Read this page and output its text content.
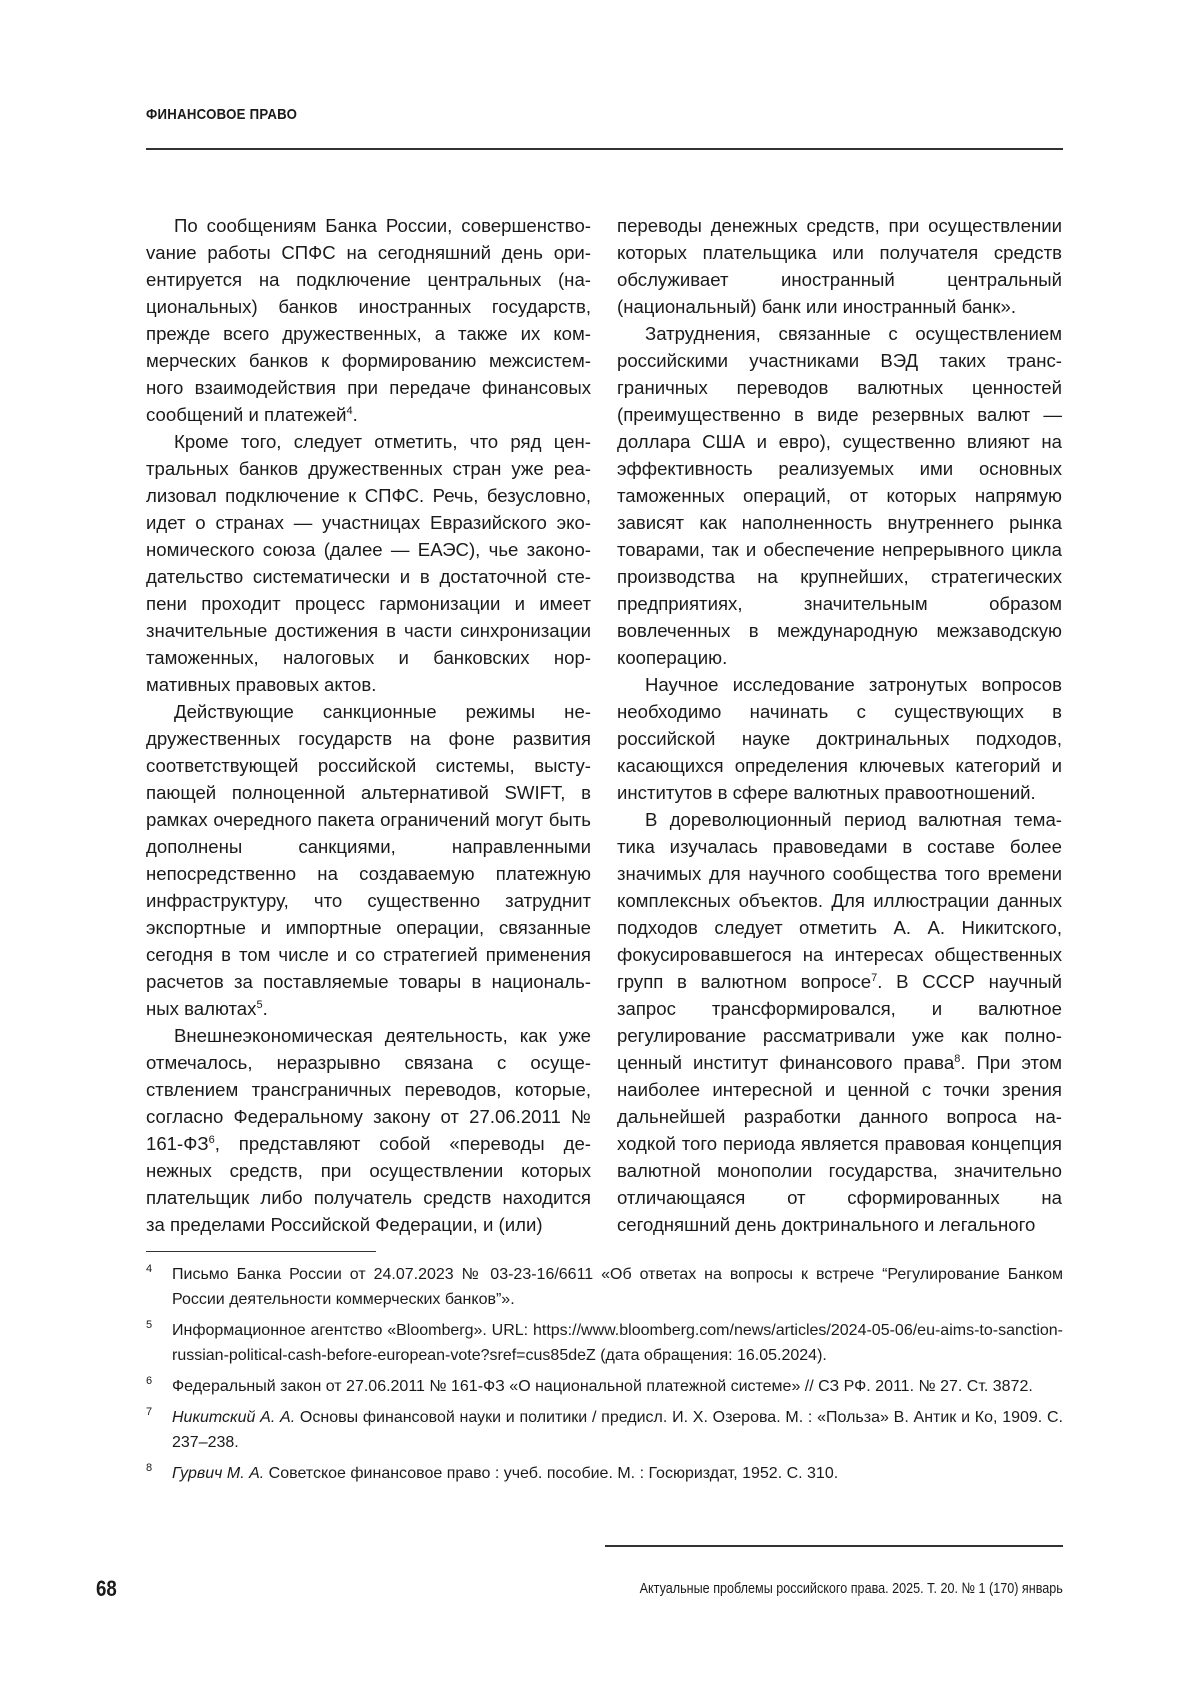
ФИНАНСОВОЕ ПРАВО

По сообщениям Банка России, совершенствоvание работы СПФС на сегодняшний день ориентируется на подключение центральных (национальных) банков иностранных государств, прежде всего дружественных, а также их коммерческих банков к формированию межсистемного взаимодействия при передаче финансовых сообщений и платежей$^4$.

Кроме того, следует отметить, что ряд центральных банков дружественных стран уже реализовал подключение к СПФС. Речь, безусловно, идет о странах — участницах Евразийского экономического союза (далее — ЕАЭС), чье законодательство систематически и в достаточной степени проходит процесс гармонизации и имеет значительные достижения в части синхронизации таможенных, налоговых и банковских нормативных правовых актов.

Действующие санкционные режимы недружественных государств на фоне развития соответствующей российской системы, выступающей полноценной альтернативой SWIFT, в рамках очередного пакета ограничений могут быть дополнены санкциями, направленными непосредственно на создаваемую платежную инфраструктуру, что существенно затруднит экспортные и импортные операции, связанные сегодня в том числе и со стратегией применения расчетов за поставляемые товары в национальных валютах$^5$.

Внешнеэкономическая деятельность, как уже отмечалось, неразрывно связана с осуществлением трансграничных переводов, которые, согласно Федеральному закону от 27.06.2011 № $161-ФЗ^6$, представляют собой «переводы денежных средств, при осуществлении которых плательщик либо получатель средств находится за пределами Российской Федерации, и (или)

переводы денежных средств, при осуществлении которых плательщика или получателя средств обслуживает иностранный центральный (национальный) банк или иностранный банк».

Затруднения, связанные с осуществлением российскими участниками ВЭД таких трансграничных переводов валютных ценностей (преимущественно в виде резервных валют — доллара США и евро), существенно влияют на эффективность реализуемых ими основных таможенных операций, от которых напрямую зависят как наполненность внутреннего рынка товарами, так и обеспечение непрерывного цикла производства на крупнейших, стратегических предприятиях, значительным образом вовлеченных в международную межзаводскую кооперацию.

Научное исследование затронутых вопросов необходимо начинать с существующих в российской науке доктринальных подходов, касающихся определения ключевых категорий и институтов в сфере валютных правоотношений.

В дореволюционный период валютная тематика изучалась правоведами в составе более значимых для научного сообщества того времени комплексных объектов. Для иллюстрации данных подходов следует отметить А. А. Никитского, фокусировавшегося на интересах общественных групп в валютном вопросе$^7$. В СССР научный запрос трансформировался, и валютное регулирование рассматривали уже как полноценный институт финансового права$^8$. При этом наиболее интересной и ценной с точки зрения дальнейшей разработки данного вопроса находкой того периода является правовая концепция валютной монополии государства, значительно отличающаяся от сформированных на сегодняшний день доктринального и легального

4 Письмо Банка России от 24.07.2023 № 03-23-16/6611 «Об ответах на вопросы к встрече “Регулирование Банком России деятельности коммерческих банков”».
5 Информационное агентство «Bloomberg». URL: https://www.bloomberg.com/news/articles/2024-05-06/eu-aims-to-sanction-russian-political-cash-before-european-vote?sref=cus85deZ (дата обращения: 16.05.2024).
6 Федеральный закон от 27.06.2011 № 161-ФЗ «О национальной платежной системе» // СЗ РФ. 2011. № 27. Ст. 3872.
7 Никитский А. А. Основы финансовой науки и политики / предисл. И. Х. Озерова. М. : «Польза» В. Антик и Ко, 1909. С. 237–238.
8 Гурвич М. А. Советское финансовое право : учеб. пособие. М. : Госюриздат, 1952. С. 310.
68	Актуальные проблемы российского права. 2025. Т. 20. № 1 (170) январь
